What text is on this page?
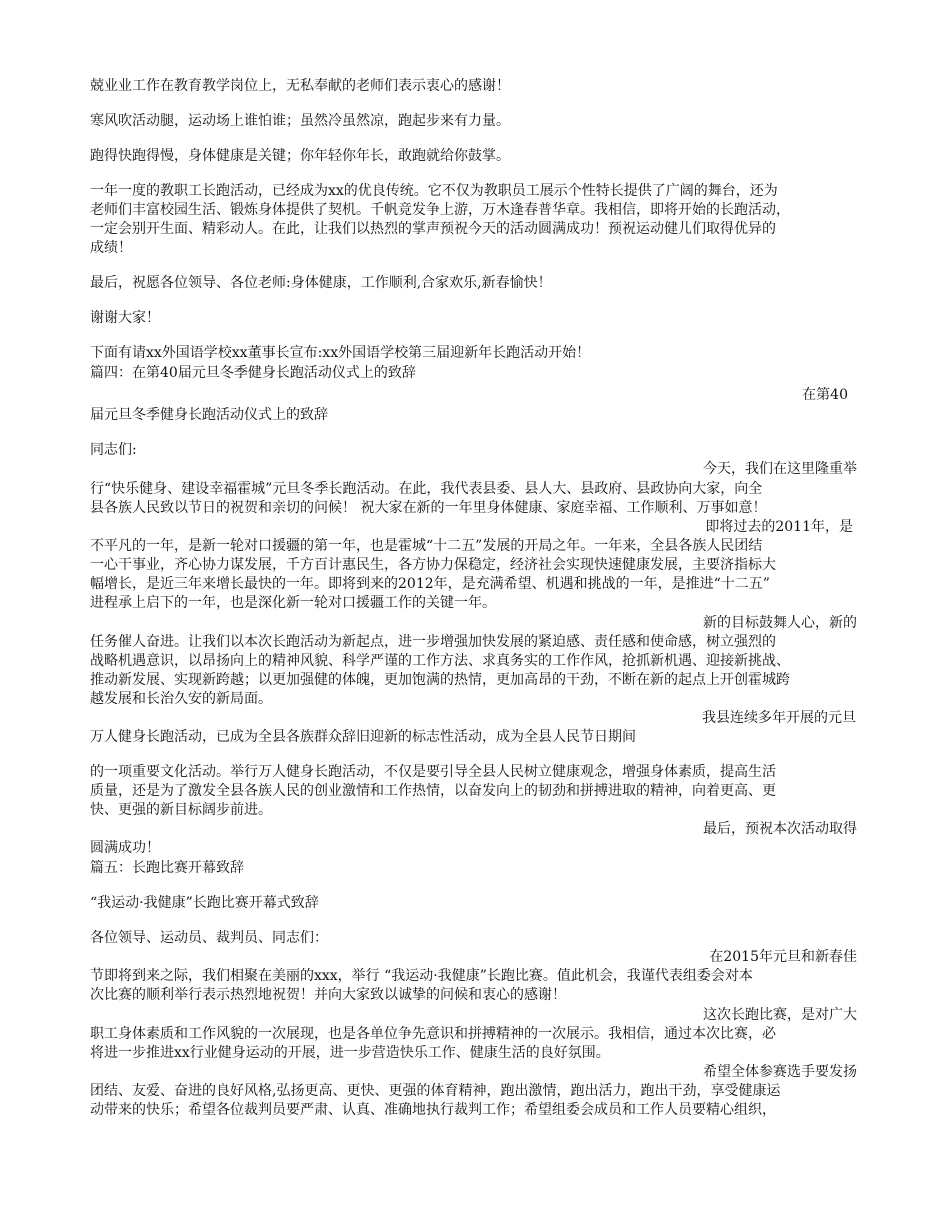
兢业业工作在教育教学岗位上，无私奉献的老师们表示衷心的感谢！
寒风吹活动腿，运动场上谁怕谁；虽然冷虽然凉，跑起步来有力量。
跑得快跑得慢，身体健康是关键；你年轻你年长，敢跑就给你鼓掌。
一年一度的教职工长跑活动，已经成为xx的优良传统。它不仅为教职员工展示个性特长提供了广阔的舞台，还为
老师们丰富校园生活、锻炼身体提供了契机。千帆竞发争上游，万木逢春普华章。我相信，即将开始的长跑活动，
一定会别开生面、精彩动人。在此，让我们以热烈的掌声预祝今天的活动圆满成功！预祝运动健儿们取得优异的
成绩！
最后，祝愿各位领导、各位老师:身体健康，工作顺利,合家欢乐,新春愉快！
谢谢大家！
下面有请xx外国语学校xx董事长宣布:xx外国语学校第三届迎新年长跑活动开始！
篇四：在第40届元旦冬季健身长跑活动仪式上的致辞
在第40
届元旦冬季健身长跑活动仪式上的致辞
同志们:
今天，我们在这里隆重举
行“快乐健身、建设幸福霍城”元旦冬季长跑活动。在此，我代表县委、县人大、县政府、县政协向大家，向全
县各族人民致以节日的祝贺和亲切的问候！ 祝大家在新的一年里身体健康、家庭幸福、工作顺利、万事如意！
即将过去的2011年，是
不平凡的一年，是新一轮对口援疆的第一年，也是霍城“十二五”发展的开局之年。一年来，全县各族人民团结
一心干事业，齐心协力谋发展，千方百计惠民生，各方协力保稳定，经济社会实现快速健康发展，主要济指标大
幅增长，是近三年来增长最快的一年。即将到来的2012年，是充满希望、机遇和挑战的一年，是推进“十二五”
进程承上启下的一年，也是深化新一轮对口援疆工作的关键一年。
新的目标鼓舞人心，新的
任务催人奋进。让我们以本次长跑活动为新起点，进一步增强加快发展的紧迫感、责任感和使命感，树立强烈的
战略机遇意识，以昂扬向上的精神风貌、科学严谨的工作方法、求真务实的工作作风，抢抓新机遇、迎接新挑战、
推动新发展、实现新跨越；以更加强健的体魄，更加饱满的热情，更加高昂的干劲，不断在新的起点上开创霍城跨
越发展和长治久安的新局面。
我县连续多年开展的元旦
万人健身长跑活动，已成为全县各族群众辞旧迎新的标志性活动，成为全县人民节日期间
的一项重要文化活动。举行万人健身长跑活动，不仅是要引导全县人民树立健康观念，增强身体素质，提高生活
质量，还是为了激发全县各族人民的创业激情和工作热情，以奋发向上的韧劲和拼搏进取的精神，向着更高、更
快、更强的新目标阔步前进。
最后，预祝本次活动取得
圆满成功！
篇五：长跑比赛开幕致辞
“我运动·我健康”长跑比赛开幕式致辞
各位领导、运动员、裁判员、同志们：
在2015年元旦和新春佳
节即将到来之际，我们相聚在美丽的xxx，举行 “我运动·我健康”长跑比赛。值此机会，我谨代表组委会对本
次比赛的顺利举行表示热烈地祝贺！并向大家致以诚挚的问候和衷心的感谢！
这次长跑比赛，是对广大
职工身体素质和工作风貌的一次展现，也是各单位争先意识和拼搏精神的一次展示。我相信，通过本次比赛，必
将进一步推进xx行业健身运动的开展，进一步营造快乐工作、健康生活的良好氛围。
希望全体参赛选手要发扬
团结、友爱、奋进的良好风格,弘扬更高、更快、更强的体育精神，跑出激情，跑出活力，跑出干劲，享受健康运
动带来的快乐；希望各位裁判员要严肃、认真、准确地执行裁判工作；希望组委会成员和工作人员要精心组织，
